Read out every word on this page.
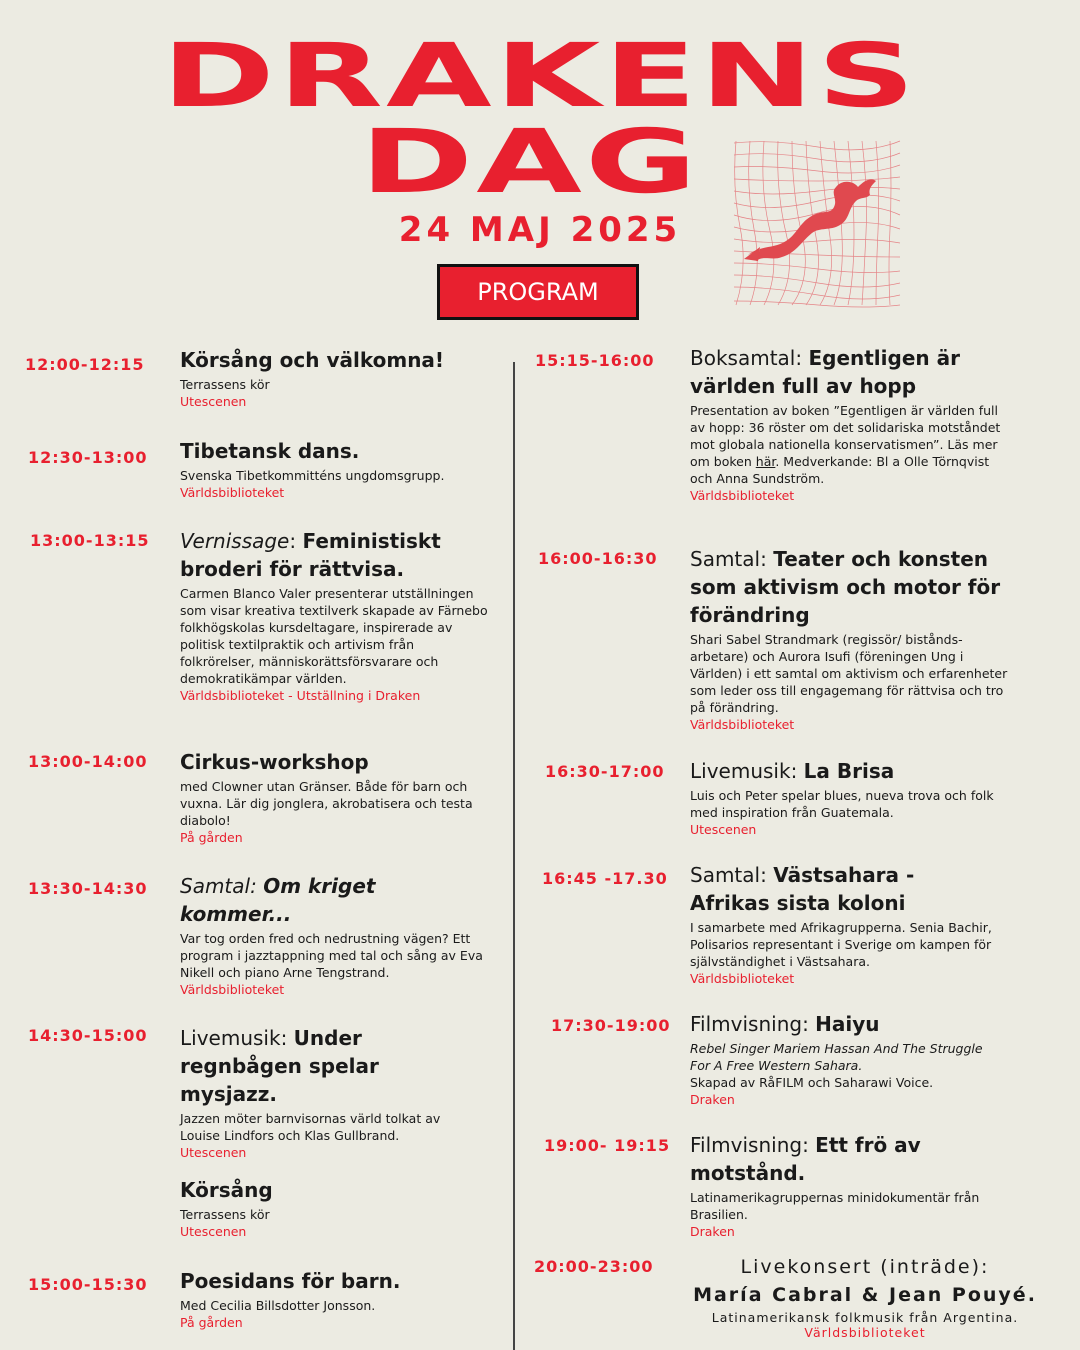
DRAKENS
DAG
24 MAJ 2025
PROGRAM
12:00-12:15 Körsång och välkomna!
Terrassens kör
Utescenen
12:30-13:00 Tibetansk dans.
Svenska Tibetkommitténs ungdomsgrupp.
Världsbiblioteket
13:00-13:15 Vernissage: Feministiskt broderi för rättvisa.
Carmen Blanco Valer presenterar utställningen som visar kreativa textilverk skapade av Färnebo folkhögskolas kursdeltagare, inspirerade av politisk textilpraktik och artivism från folkrörelser, människorättsförsvarare och demokratikämpar världen.
Världsbiblioteket - Utställning i Draken
13:00-14:00 Cirkus-workshop
med Clowner utan Gränser. Både för barn och vuxna. Lär dig jonglera, akrobatisera och testa diabolo!
På gården
13:30-14:30 Samtal: Om kriget kommer...
Var tog orden fred och nedrustning vägen? Ett program i jazztappning med tal och sång av Eva Nikell och piano Arne Tengstrand.
Världsbiblioteket
14:30-15:00 Livemusik: Under regnbågen spelar mysjazz.
Jazzen möter barnvisornas värld tolkat av Louise Lindfors och Klas Gullbrand.
Utescenen
Körsång
Terrassens kör
Utescenen
15:00-15:30 Poesidans för barn.
Med Cecilia Billsdotter Jonsson.
På gården
15:15-16:00 Boksamtal: Egentligen är världen full av hopp
Presentation av boken ”Egentligen är världen full av hopp: 36 röster om det solidariska motståndet mot globala nationella konservatismen”. Läs mer om boken här. Medverkande: Bl a Olle Törnqvist och Anna Sundström.
Världsbiblioteket
16:00-16:30 Samtal: Teater och konsten som aktivism och motor för förändring
Shari Sabel Strandmark (regissör/ bistånds-arbetare) och Aurora Isufi (föreningen Ung i Världen) i ett samtal om aktivism och erfarenheter som leder oss till engagemang för rättvisa och tro på förändring.
Världsbiblioteket
16:30-17:00 Livemusik: La Brisa
Luis och Peter spelar blues, nueva trova och folk med inspiration från Guatemala.
Utescenen
16:45 -17.30 Samtal: Västsahara - Afrikas sista koloni
I samarbete med Afrikagrupperna. Senia Bachir, Polisarios representant i Sverige om kampen för självständighet i Västsahara.
Världsbiblioteket
17:30-19:00 Filmvisning: Haiyu
Rebel Singer Mariem Hassan And The Struggle For A Free Western Sahara.
Skapad av RåFILM och Saharawi Voice.
Draken
19:00- 19:15 Filmvisning: Ett frö av motstånd.
Latinamerikagruppernas minidokumentär från Brasilien.
Draken
20:00-23:00	Livekonsert (inträde):
María Cabral & Jean Pouyé.
Latinamerikansk folkmusik från Argentina.
Världsbiblioteket
